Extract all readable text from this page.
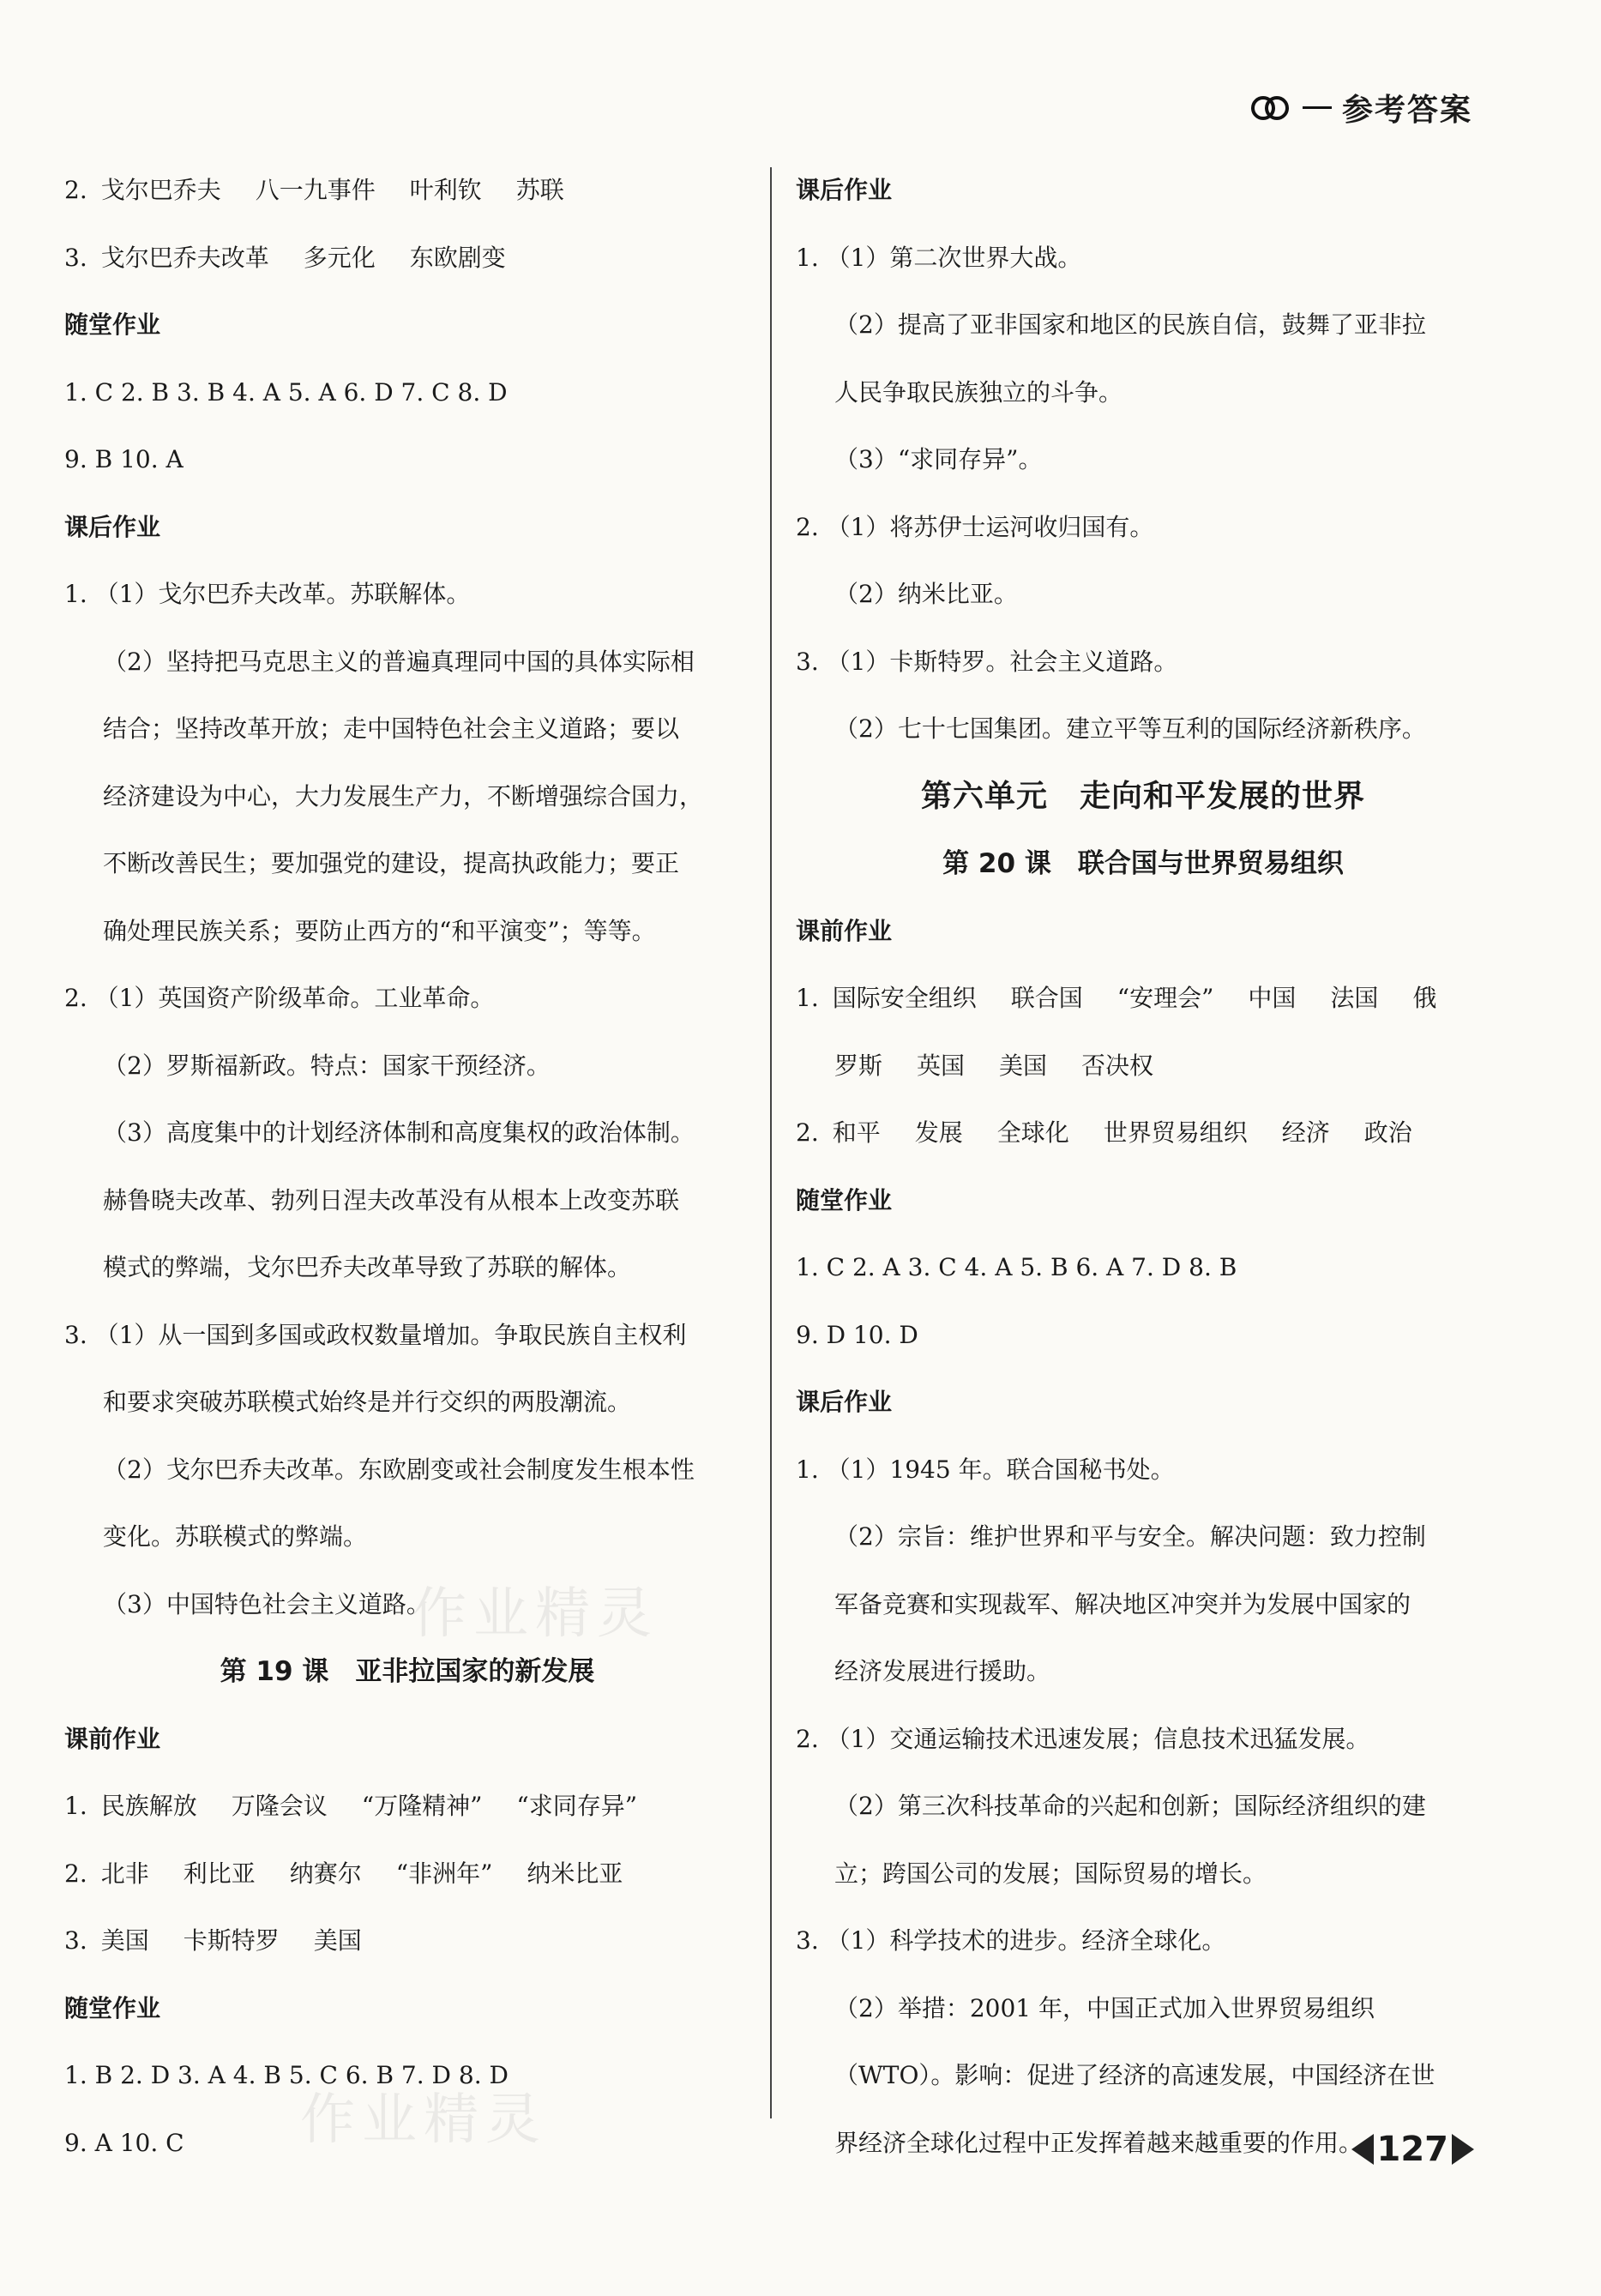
参考答案
2. 戈尔巴乔夫 八一九事件 叶利钦 苏联
3. 戈尔巴乔夫改革 多元化 东欧剧变
随堂作业
1. C 2. B 3. B 4. A 5. A 6. D 7. C 8. D
9. B 10. A
课后作业
1. （1）戈尔巴乔夫改革。苏联解体。
（2）坚持把马克思主义的普遍真理同中国的具体实际相
结合；坚持改革开放；走中国特色社会主义道路；要以
经济建设为中心，大力发展生产力，不断增强综合国力，
不断改善民生；要加强党的建设，提高执政能力；要正
确处理民族关系；要防止西方的“和平演变”；等等。
2. （1）英国资产阶级革命。工业革命。
（2）罗斯福新政。特点：国家干预经济。
（3）高度集中的计划经济体制和高度集权的政治体制。
赫鲁晓夫改革、勃列日涅夫改革没有从根本上改变苏联
模式的弊端，戈尔巴乔夫改革导致了苏联的解体。
3. （1）从一国到多国或政权数量增加。争取民族自主权利
和要求突破苏联模式始终是并行交织的两股潮流。
（2）戈尔巴乔夫改革。东欧剧变或社会制度发生根本性
变化。苏联模式的弊端。
（3）中国特色社会主义道路。
第 19 课　亚非拉国家的新发展
课前作业
1. 民族解放 万隆会议 “万隆精神” “求同存异”
2. 北非 利比亚 纳赛尔 “非洲年” 纳米比亚
3. 美国 卡斯特罗 美国
随堂作业
1. B 2. D 3. A 4. B 5. C 6. B 7. D 8. D
9. A 10. C
课后作业
1. （1）第二次世界大战。
（2）提高了亚非国家和地区的民族自信，鼓舞了亚非拉
人民争取民族独立的斗争。
（3）“求同存异”。
2. （1）将苏伊士运河收归国有。
（2）纳米比亚。
3. （1）卡斯特罗。社会主义道路。
（2）七十七国集团。建立平等互利的国际经济新秩序。
第六单元　走向和平发展的世界
第 20 课　联合国与世界贸易组织
课前作业
1. 国际安全组织 联合国 “安理会” 中国 法国 俄
罗斯 英国 美国 否决权
2. 和平 发展 全球化 世界贸易组织 经济 政治
随堂作业
1. C 2. A 3. C 4. A 5. B 6. A 7. D 8. B
9. D 10. D
课后作业
1. （1）1945 年。联合国秘书处。
（2）宗旨：维护世界和平与安全。解决问题：致力控制
军备竞赛和实现裁军、解决地区冲突并为发展中国家的
经济发展进行援助。
2. （1）交通运输技术迅速发展；信息技术迅猛发展。
（2）第三次科技革命的兴起和创新；国际经济组织的建
立；跨国公司的发展；国际贸易的增长。
3. （1）科学技术的进步。经济全球化。
（2）举措：2001 年，中国正式加入世界贸易组织
（WTO）。影响：促进了经济的高速发展，中国经济在世
界经济全球化过程中正发挥着越来越重要的作用。
作业精灵
作业精灵	127
